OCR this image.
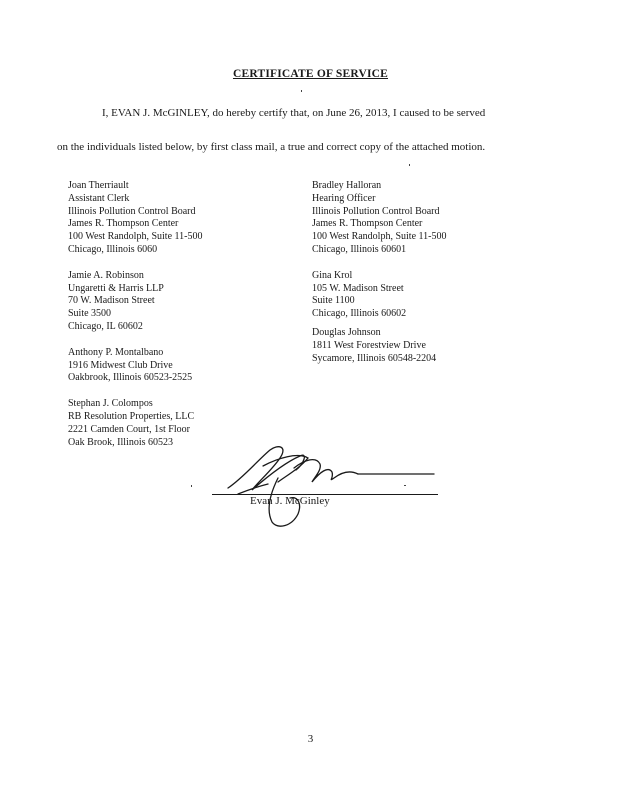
CERTIFICATE OF SERVICE
I, EVAN J. McGINLEY, do hereby certify that, on June 26, 2013, I caused to be served
on the individuals listed below, by first class mail, a true and correct copy of the attached motion.
Joan Therriault
Assistant Clerk
Illinois Pollution Control Board
James R. Thompson Center
100 West Randolph, Suite 11-500
Chicago, Illinois 6060
Jamie A. Robinson
Ungaretti & Harris LLP
70 W. Madison Street
Suite 3500
Chicago, IL 60602
Anthony P. Montalbano
1916 Midwest Club Drive
Oakbrook, Illinois 60523-2525
Stephan J. Colompos
RB Resolution Properties, LLC
2221 Camden Court, 1st Floor
Oak Brook, Illinois 60523
Bradley Halloran
Hearing Officer
Illinois Pollution Control Board
James R. Thompson Center
100 West Randolph, Suite 11-500
Chicago, Illinois 60601
Gina Krol
105 W. Madison Street
Suite 1100
Chicago, Illinois 60602
Douglas Johnson
1811 West Forestview Drive
Sycamore, Illinois 60548-2204
Evan J. McGinley
3
